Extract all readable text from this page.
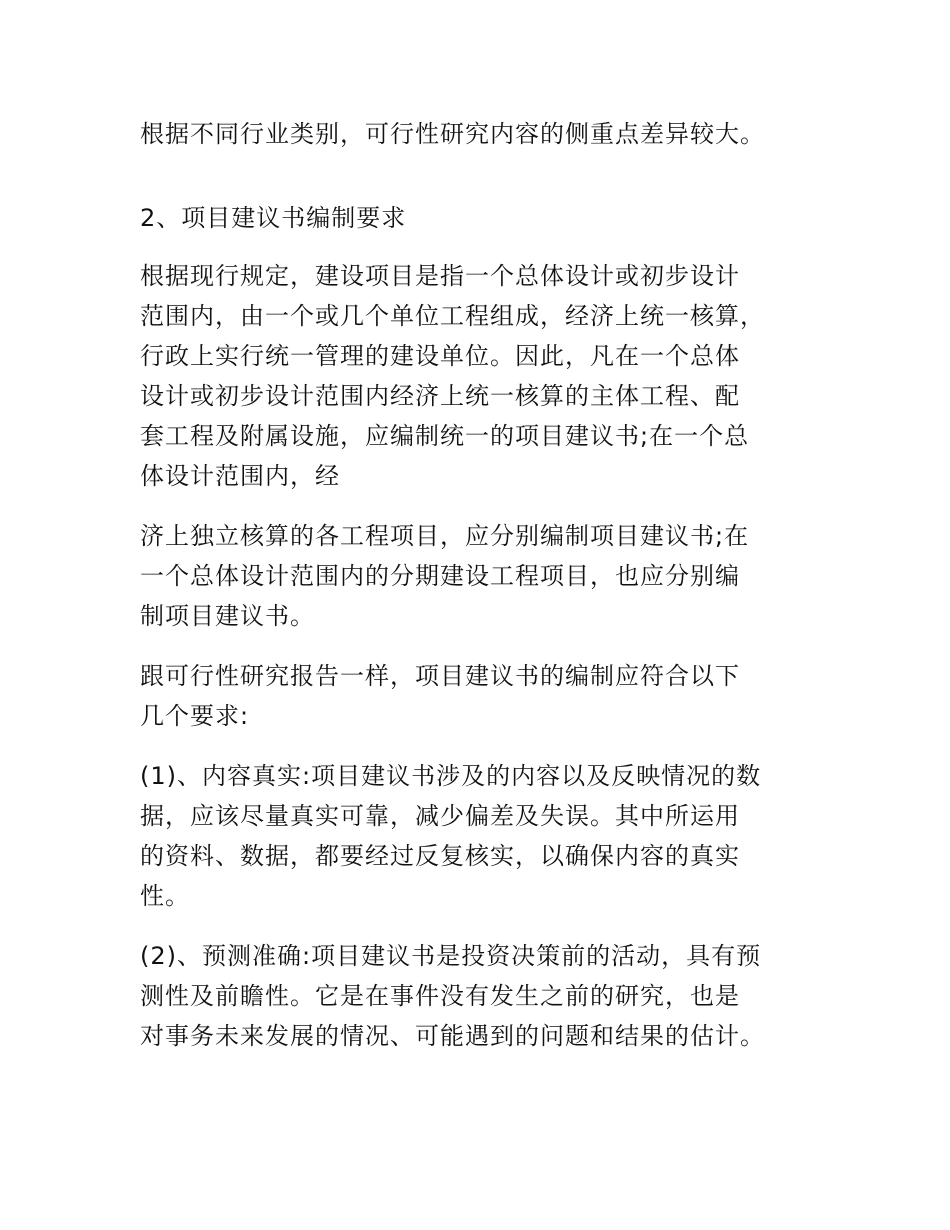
根据不同行业类别，可行性研究内容的侧重点差异较大。

2、项目建议书编制要求

根据现行规定，建设项目是指一个总体设计或初步设计
范围内，由一个或几个单位工程组成，经济上统一核算，
行政上实行统一管理的建设单位。因此，凡在一个总体
设计或初步设计范围内经济上统一核算的主体工程、配
套工程及附属设施，应编制统一的项目建议书;在一个总
体设计范围内，经

济上独立核算的各工程项目，应分别编制项目建议书;在
一个总体设计范围内的分期建设工程项目，也应分别编
制项目建议书。

跟可行性研究报告一样，项目建议书的编制应符合以下
几个要求:

(1)、内容真实:项目建议书涉及的内容以及反映情况的数
据，应该尽量真实可靠，减少偏差及失误。其中所运用
的资料、数据，都要经过反复核实，以确保内容的真实
性。

(2)、预测准确:项目建议书是投资决策前的活动，具有预
测性及前瞻性。它是在事件没有发生之前的研究，也是
对事务未来发展的情况、可能遇到的问题和结果的估计。
